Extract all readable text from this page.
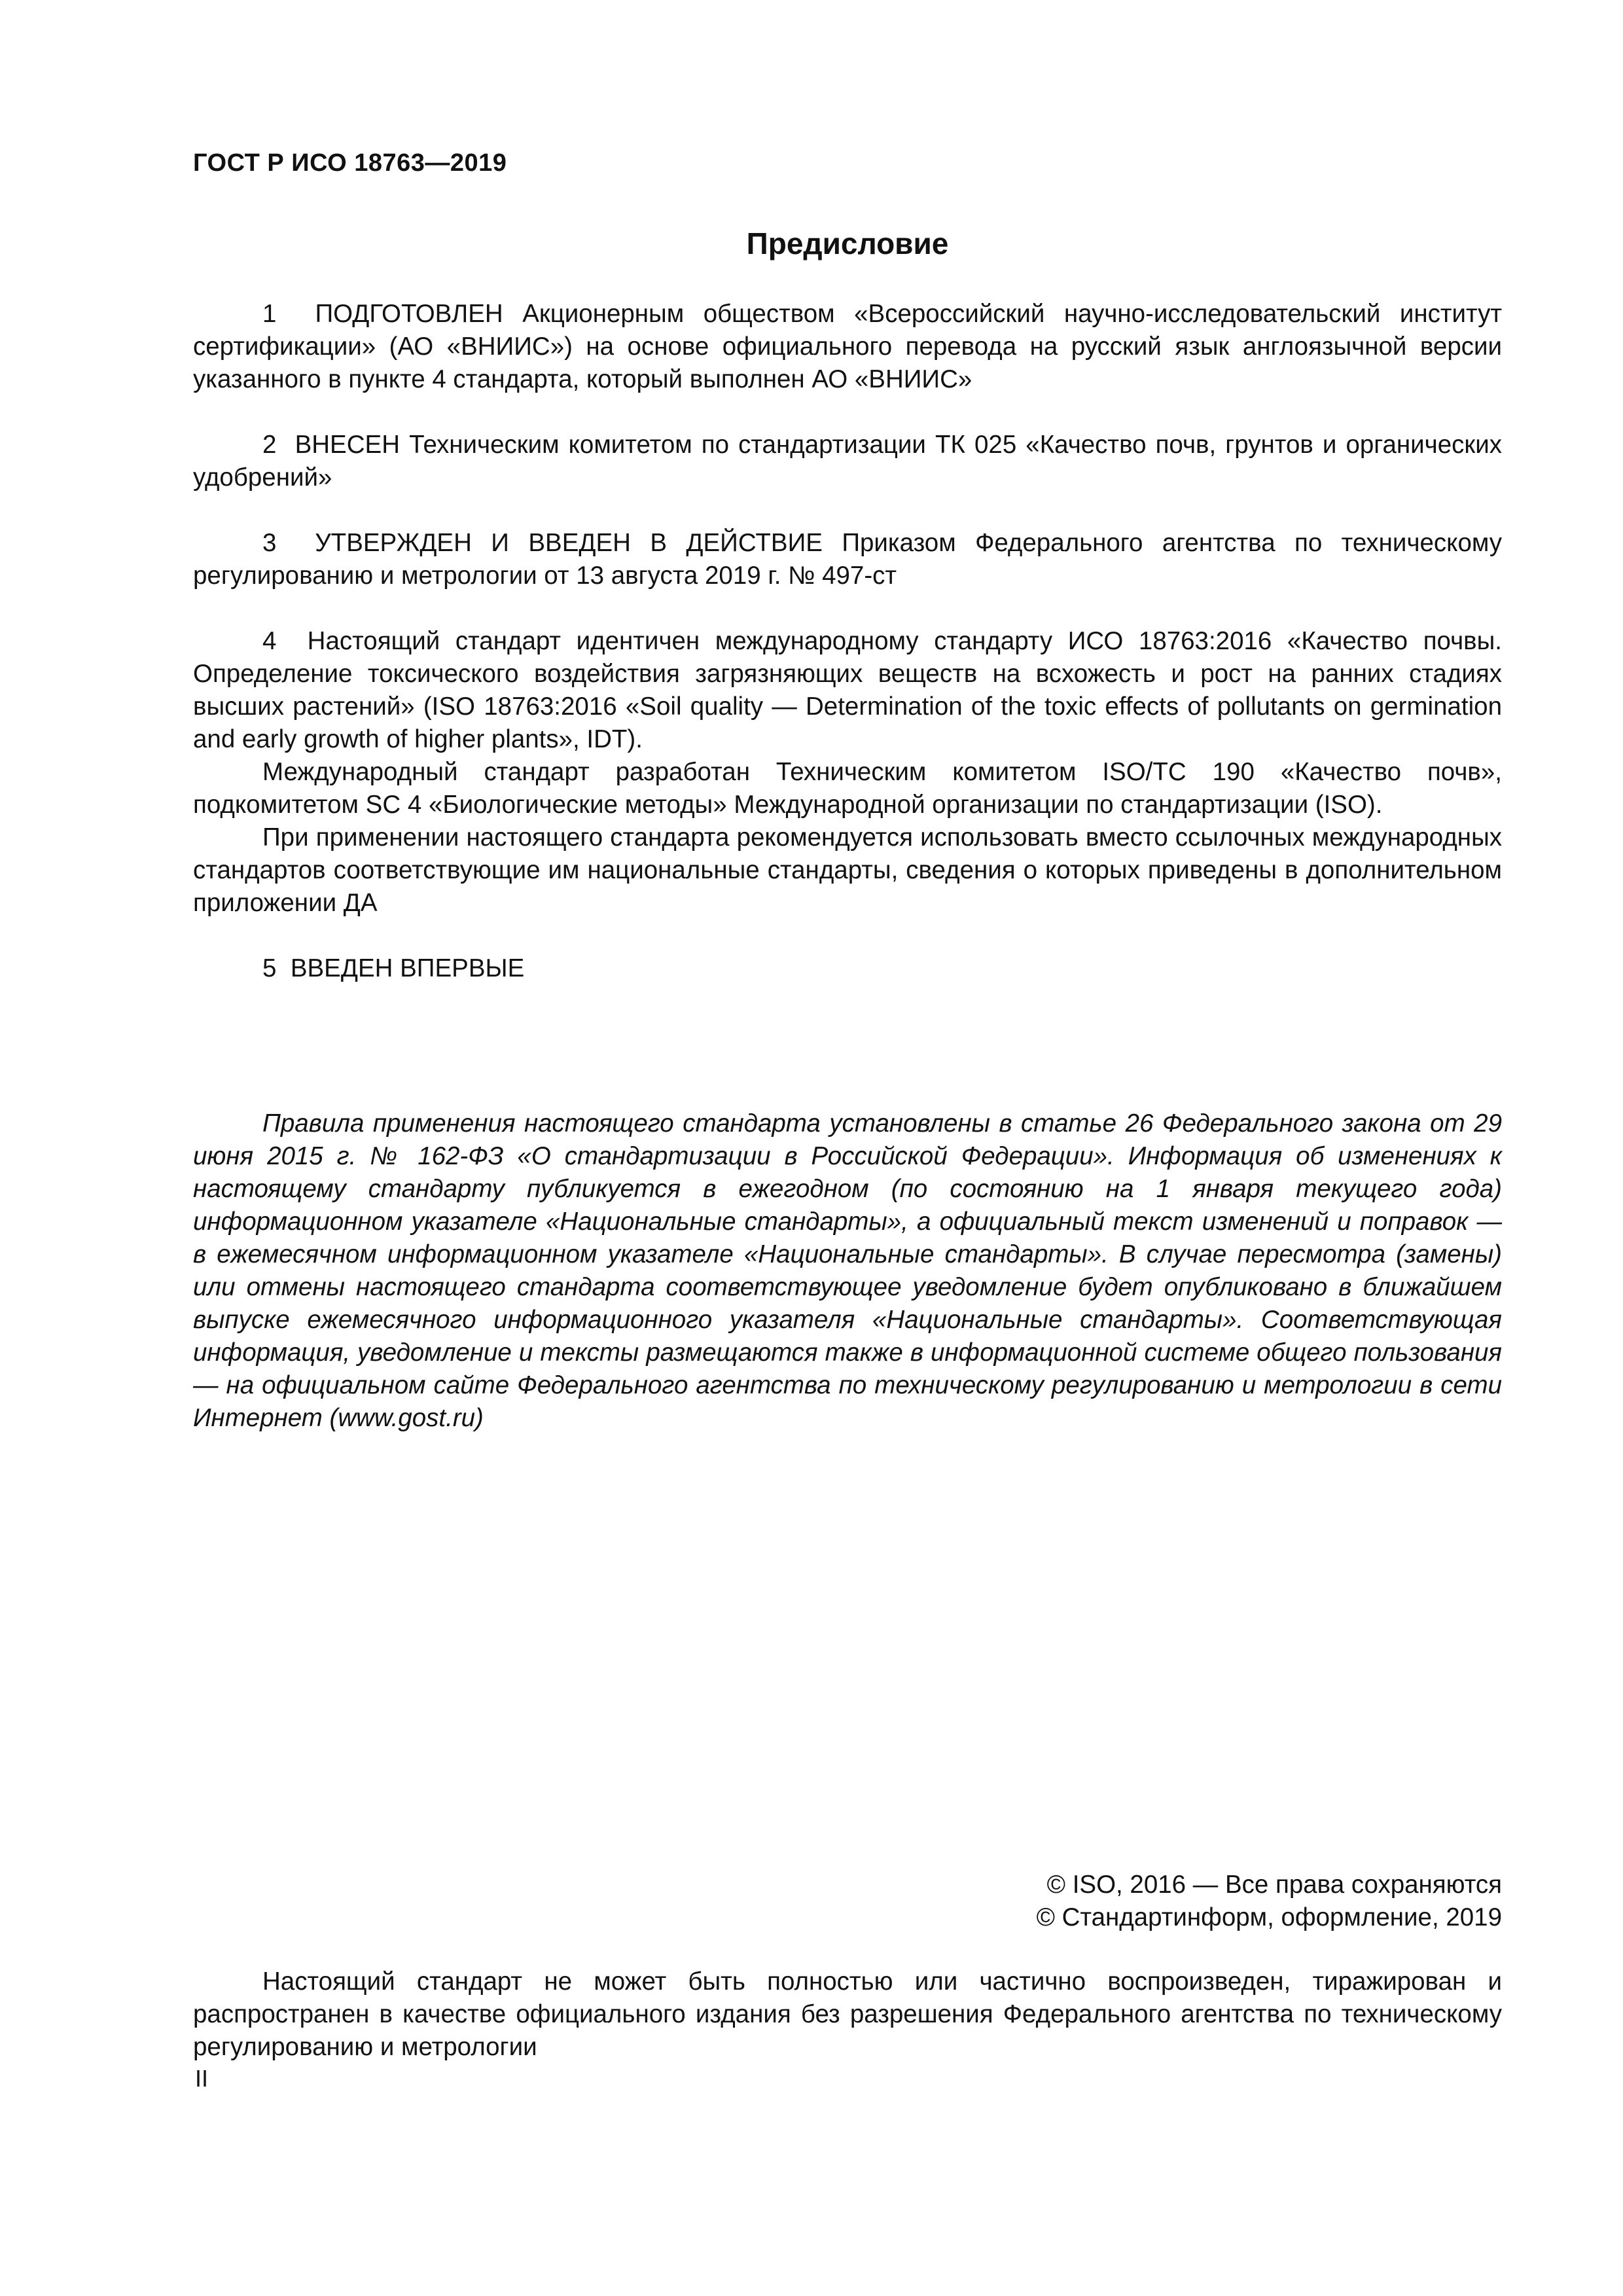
ГОСТ Р ИСО 18763—2019
Предисловие

1 ПОДГОТОВЛЕН Акционерным обществом «Всероссийский научно-исследовательский институт сертификации» (АО «ВНИИС») на основе официального перевода на русский язык англоязычной версии указанного в пункте 4 стандарта, который выполнен АО «ВНИИС»

2 ВНЕСЕН Техническим комитетом по стандартизации ТК 025 «Качество почв, грунтов и органических удобрений»

3 УТВЕРЖДЕН И ВВЕДЕН В ДЕЙСТВИЕ Приказом Федерального агентства по техническому регулированию и метрологии от 13 августа 2019 г. № 497-ст

4 Настоящий стандарт идентичен международному стандарту ИСО 18763:2016 «Качество почвы. Определение токсического воздействия загрязняющих веществ на всхожесть и рост на ранних стадиях высших растений» (ISO 18763:2016 «Soil quality — Determination of the toxic effects of pollutants on germination and early growth of higher plants», IDT).

Международный стандарт разработан Техническим комитетом ISO/TC 190 «Качество почв», подкомитетом SC 4 «Биологические методы» Международной организации по стандартизации (ISO).

При применении настоящего стандарта рекомендуется использовать вместо ссылочных международных стандартов соответствующие им национальные стандарты, сведения о которых приведены в дополнительном приложении ДА

5 ВВЕДЕН ВПЕРВЫЕ

Правила применения настоящего стандарта установлены в статье 26 Федерального закона от 29 июня 2015 г. № 162-ФЗ «О стандартизации в Российской Федерации». Информация об изменениях к настоящему стандарту публикуется в ежегодном (по состоянию на 1 января текущего года) информационном указателе «Национальные стандарты», а официальный текст изменений и поправок — в ежемесячном информационном указателе «Национальные стандарты». В случае пересмотра (замены) или отмены настоящего стандарта соответствующее уведомление будет опубликовано в ближайшем выпуске ежемесячного информационного указателя «Национальные стандарты». Соответствующая информация, уведомление и тексты размещаются также в информационной системе общего пользования — на официальном сайте Федерального агентства по техническому регулированию и метрологии в сети Интернет (www.gost.ru)

© ISO, 2016 — Все права сохраняются
© Стандартинформ, оформление, 2019

Настоящий стандарт не может быть полностью или частично воспроизведен, тиражирован и распространен в качестве официального издания без разрешения Федерального агентства по техническому регулированию и метрологии

II
